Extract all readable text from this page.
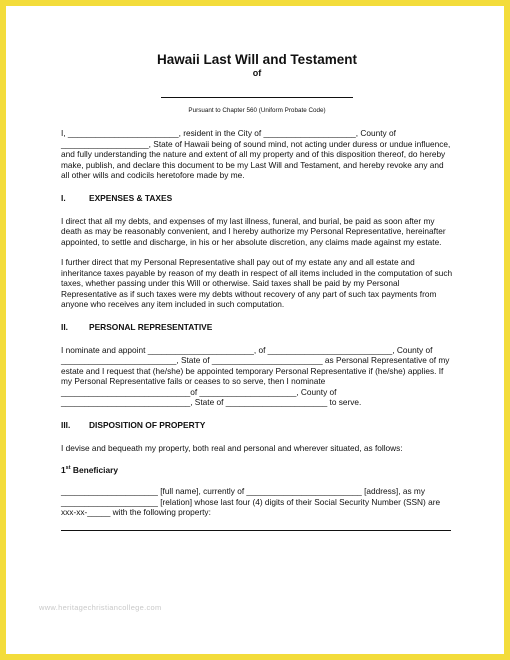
Hawaii Last Will and Testament
of
Pursuant to Chapter 560 (Uniform Probate Code)

I, ________________________, resident in the City of ____________________, County of ___________________, State of Hawaii being of sound mind, not acting under duress or undue influence, and fully understanding the nature and extent of all my property and of this disposition thereof, do hereby make, publish, and declare this document to be my Last Will and Testament, and hereby revoke any and all other wills and codicils heretofore made by me.

I.	EXPENSES & TAXES

I direct that all my debts, and expenses of my last illness, funeral, and burial, be paid as soon after my death as may be reasonably convenient, and I hereby authorize my Personal Representative, hereinafter appointed, to settle and discharge, in his or her absolute discretion, any claims made against my estate.

I further direct that my Personal Representative shall pay out of my estate any and all estate and inheritance taxes payable by reason of my death in respect of all items included in the computation of such taxes, whether passing under this Will or otherwise. Said taxes shall be paid by my Personal Representative as if such taxes were my debts without recovery of any part of such tax payments from anyone who receives any item included in such computation.

II.	PERSONAL REPRESENTATIVE

I nominate and appoint _______________________, of ___________________________, County of _________________________, State of ________________________ as Personal Representative of my estate and I request that (he/she) be appointed temporary Personal Representative if (he/she) applies. If my Personal Representative fails or ceases to so serve, then I nominate ____________________________of _____________________, County of ____________________________, State of ______________________ to serve.

III.	DISPOSITION OF PROPERTY

I devise and bequeath my property, both real and personal and wherever situated, as follows:

1st Beneficiary

_____________________ [full name], currently of _________________________ [address], as my _____________________ [relation] whose last four (4) digits of their Social Security Number (SSN) are xxx-xx-_____ with the following property:

www.heritagechristiancollege.com
